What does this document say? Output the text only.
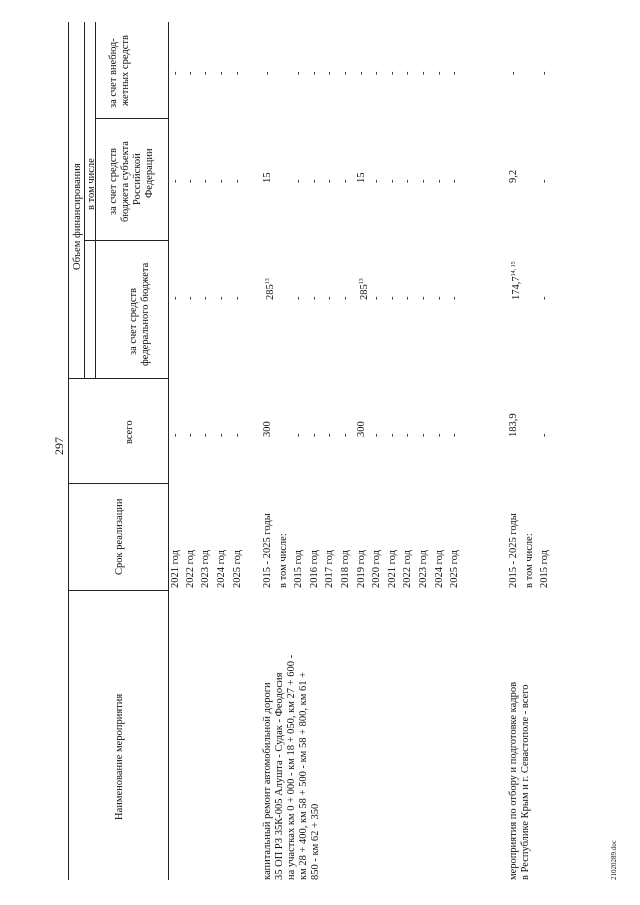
297
Наименование мероприятия
Срок реализации
всего
Объем финансирования в том числе
за счет средств федерального бюджета
за счет средств бюджета субъекта Российской Федерации
за счет внебюд- жетных средств
капитальный ремонт автомобильной дороги 35 ОП РЗ 35К-005 Алушта - Судак - Феодосия на участках км 0 + 000 - км 18 + 050, км 27 + 600 - км 28 + 400, км 58 + 500 - км 58 + 800, км 61 + 850 - км 62 + 350	мероприятия по отбору и подготовке кадров в Республике Крым и г. Севастополе - всего
2021 год 2022 год 2023 год 2024 год 2025 год
- - - - -
- - - - -
- - - - -
- - - - -
2015 - 2025 годы
300
$285^{13}$
15
-
в том числе: 2015 год
-
-
-
-
2016 год
-
-
-
-
2017 год
-
-
-
-
2018 год
-
-
-
-
2019 год
300
$285^{13}$
15
-
2020 год
-
-
-
-
2021 год
-
-
-
-
2022 год
-
-
-
-
2023 год
-
-
-
-
2024 год
-
-
-
-
2025 год
-
-
-
-
2015 - 2025 годы
183,9
174,7$^{14, 15}$
9,2
-
в том числе: 2015 год
-
-
-
-
21020289.doc
